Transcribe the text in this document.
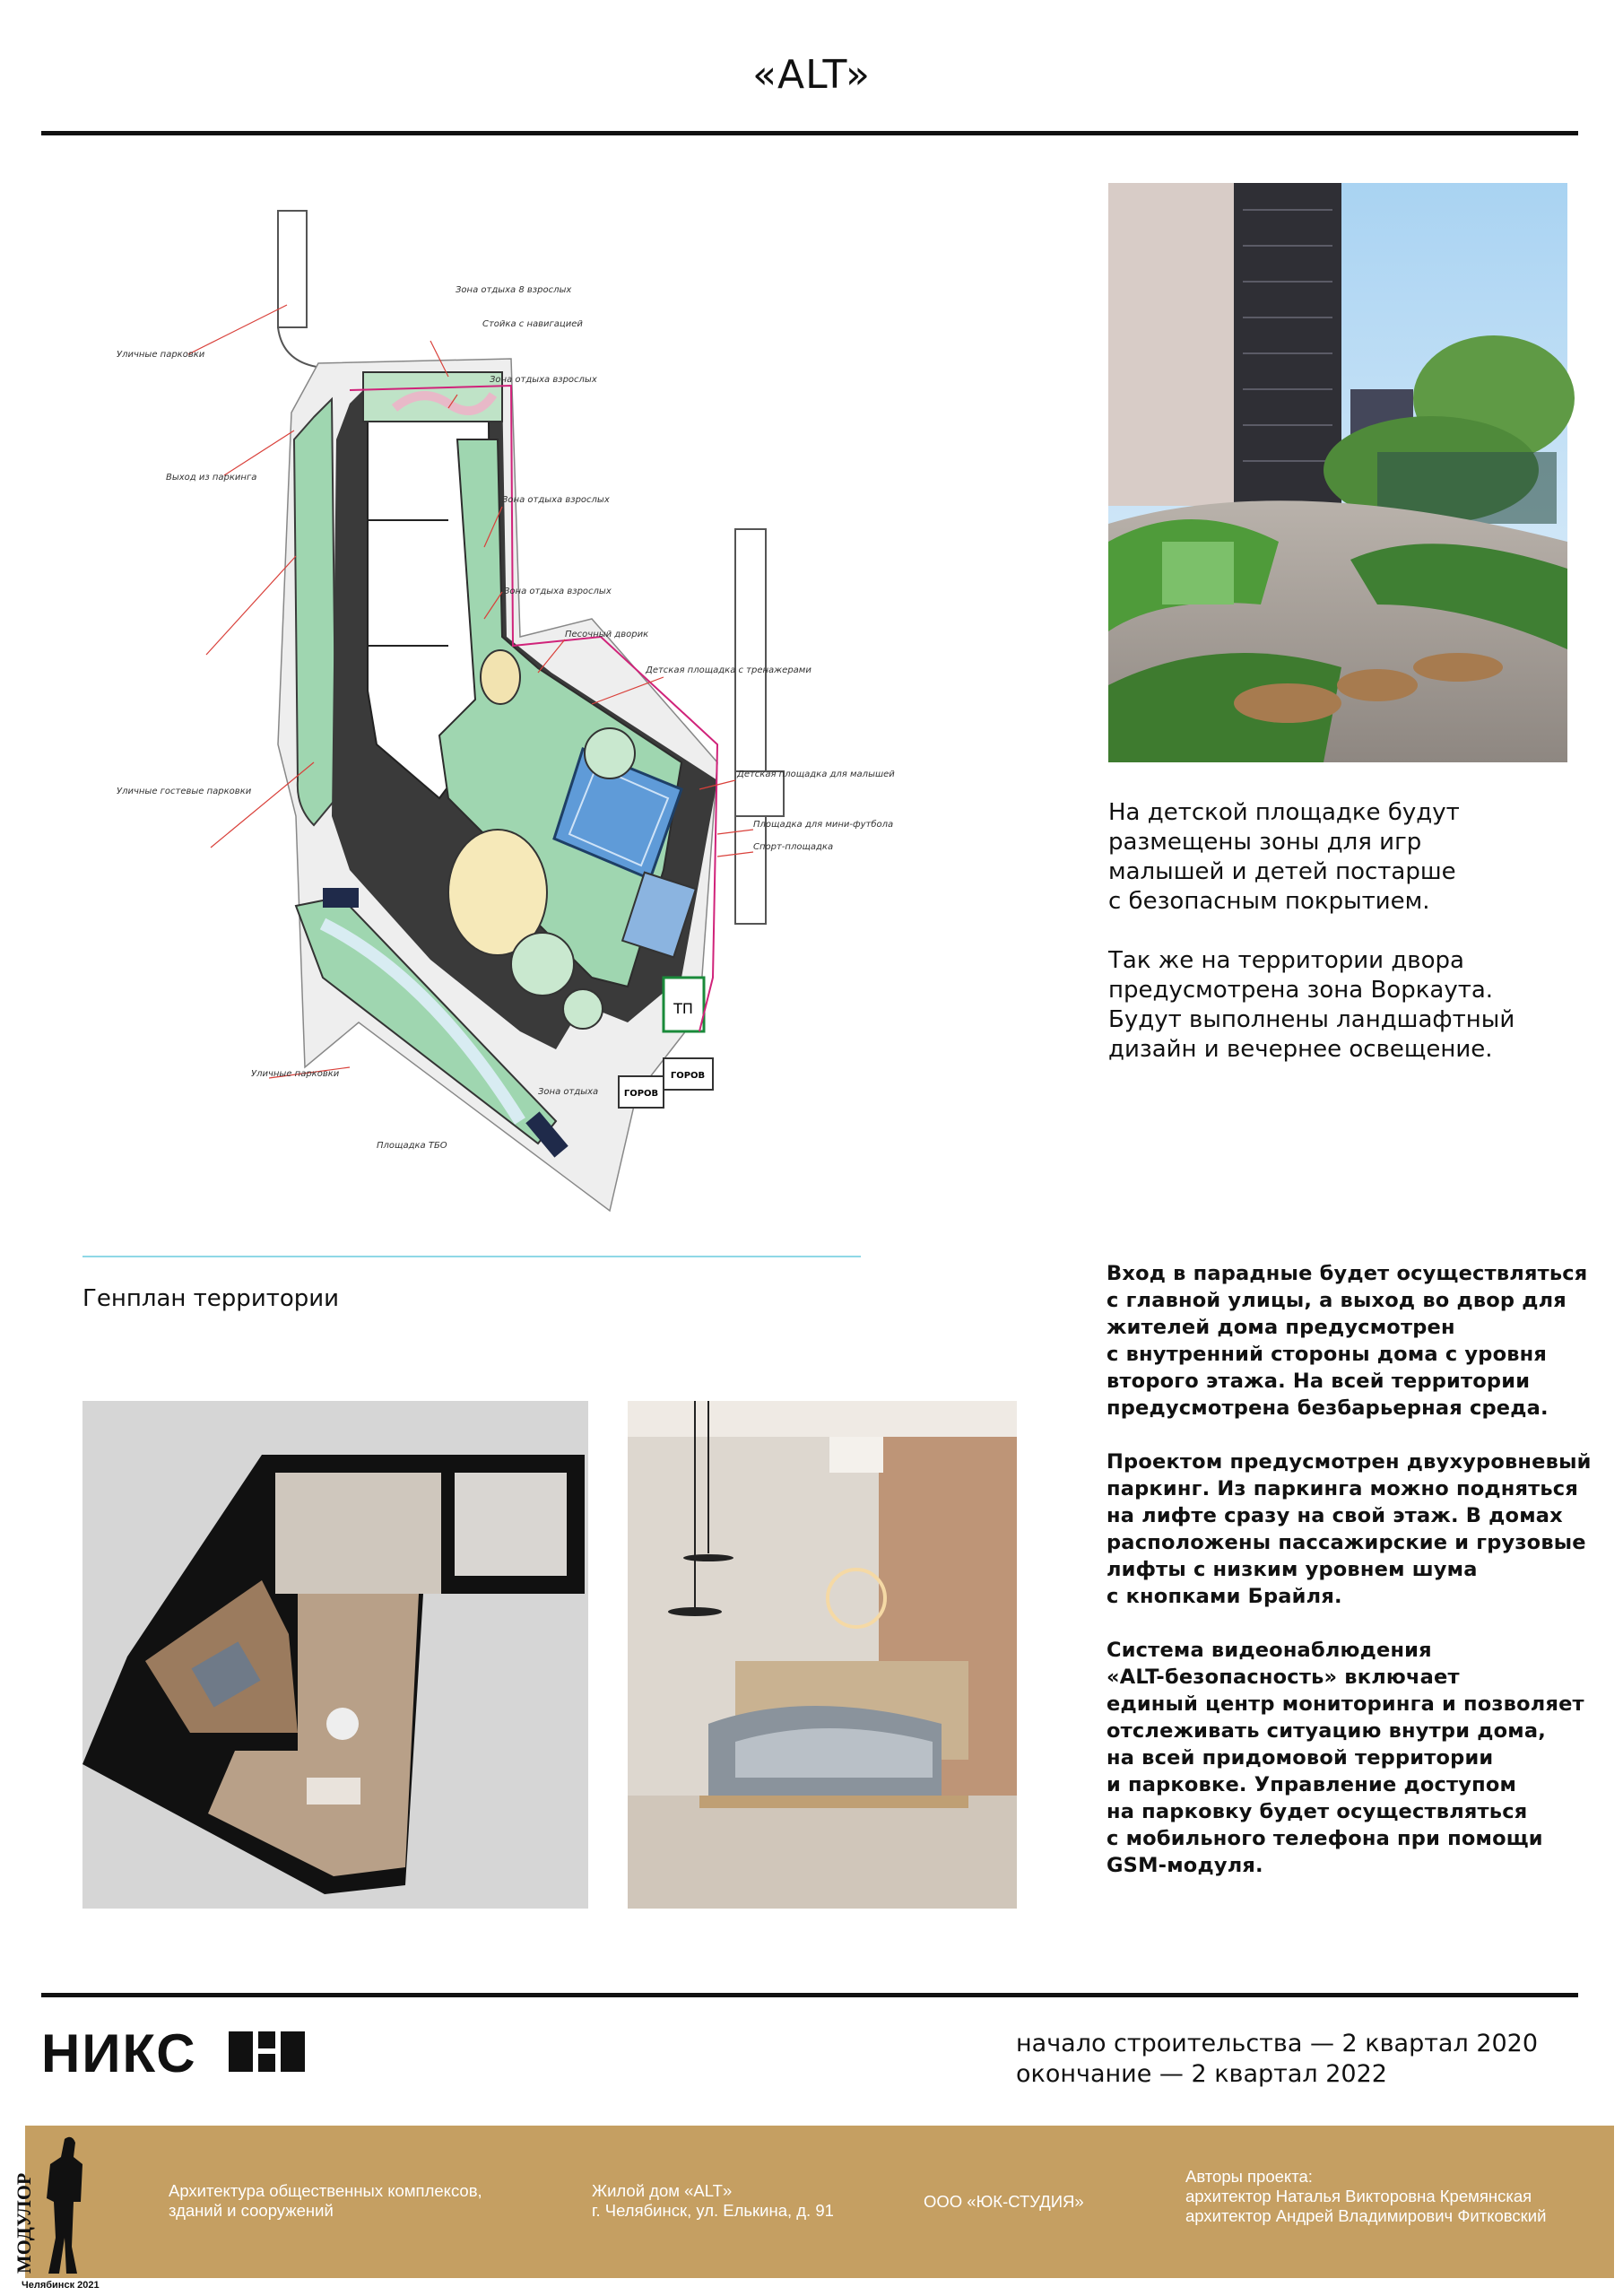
«ALT»
ТП
ГОРОВ
ГОРОВ
Зона отдыха 8 взрослых
Стойка с навигацией
Зона отдыха взрослых
Уличные парковки
Выход из паркинга
Зона отдыха взрослых
Зона отдыха взрослых
Песочный дворик
Детская площадка с тренажерами
Детская площадка для малышей
Площадка для мини-футбола
Спорт-площадка
Уличные гостевые парковки
Уличные парковки
Площадка ТБО
Зона отдыха
Генплан территории
На детской площадке будут
размещены зоны для игр
малышей и детей постарше
с безопасным покрытием.
Так же на территории двора
предусмотрена зона Воркаута.
Будут выполнены ландшафтный
дизайн и вечернее освещение.
Вход в парадные будет осуществляться
с главной улицы, а выход во двор для
жителей дома предусмотрен
с внутренний стороны дома с уровня
второго этажа. На всей территории
предусмотрена безбарьерная среда.
Проектом предусмотрен двухуровневый
паркинг. Из паркинга можно подняться
на лифте сразу на свой этаж. В домах
расположены пассажирские и грузовые
лифты с низким уровнем шума
с кнопками Брайля.
Система видеонаблюдения
«ALT-безопасность» включает
единый центр мониторинга и позволяет
отслеживать ситуацию внутри дома,
на всей придомовой территории
и парковке. Управление доступом
на парковку будет осуществляться
с мобильного телефона при помощи
GSM-модуля.
НИКС	начало строительства — 2 квартал 2020
окончание — 2 квартал 2022
МОДУЛОР
Челябинск 2021
Архитектура общественных комплексов,
зданий и сооружений
Жилой дом «ALT»
г. Челябинск, ул. Елькина, д. 91	ООО «ЮК-СТУДИЯ»
Авторы проекта:
архитектор Наталья Викторовна Кремянская
архитектор Андрей Владимирович Фитковский
